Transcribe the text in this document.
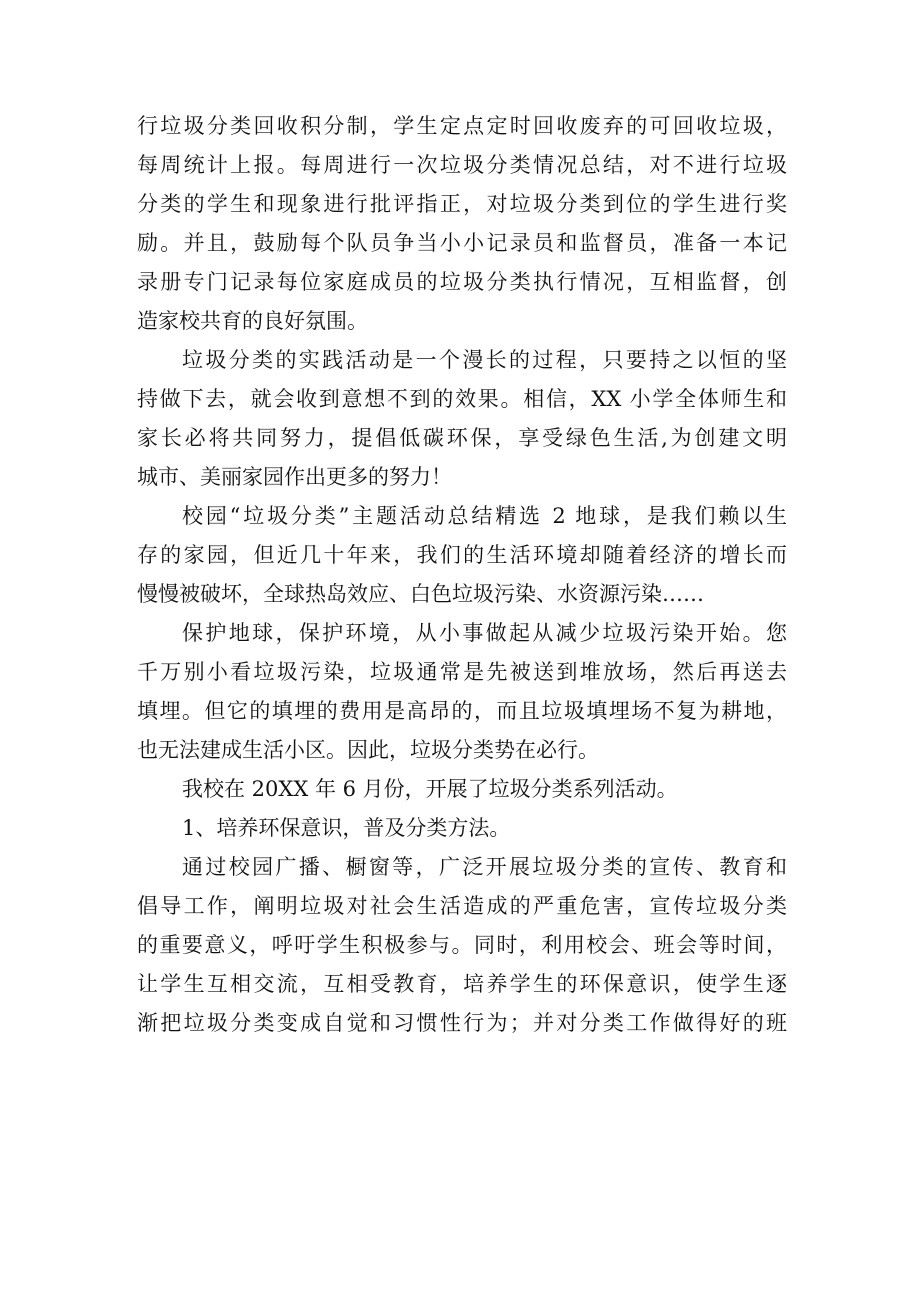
行垃圾分类回收积分制，学生定点定时回收废弃的可回收垃圾，
每周统计上报。每周进行一次垃圾分类情况总结，对不进行垃圾
分类的学生和现象进行批评指正，对垃圾分类到位的学生进行奖
励。并且，鼓励每个队员争当小小记录员和监督员，准备一本记
录册专门记录每位家庭成员的垃圾分类执行情况，互相监督，创
造家校共育的良好氛围。
垃圾分类的实践活动是一个漫长的过程，只要持之以恒的坚
持做下去，就会收到意想不到的效果。相信，XX 小学全体师生和
家长必将共同努力，提倡低碳环保，享受绿色生活,为创建文明
城市、美丽家园作出更多的努力！
校园“垃圾分类”主题活动总结精选 2 地球，是我们赖以生
存的家园，但近几十年来，我们的生活环境却随着经济的增长而
慢慢被破坏，全球热岛效应、白色垃圾污染、水资源污染……
保护地球，保护环境，从小事做起从减少垃圾污染开始。您
千万别小看垃圾污染，垃圾通常是先被送到堆放场，然后再送去
填埋。但它的填埋的费用是高昂的，而且垃圾填埋场不复为耕地，
也无法建成生活小区。因此，垃圾分类势在必行。
我校在 20XX 年 6 月份，开展了垃圾分类系列活动。
1、培养环保意识，普及分类方法。
通过校园广播、橱窗等，广泛开展垃圾分类的宣传、教育和
倡导工作，阐明垃圾对社会生活造成的严重危害，宣传垃圾分类
的重要意义，呼吁学生积极参与。同时，利用校会、班会等时间，
让学生互相交流，互相受教育，培养学生的环保意识，使学生逐
渐把垃圾分类变成自觉和习惯性行为；并对分类工作做得好的班
